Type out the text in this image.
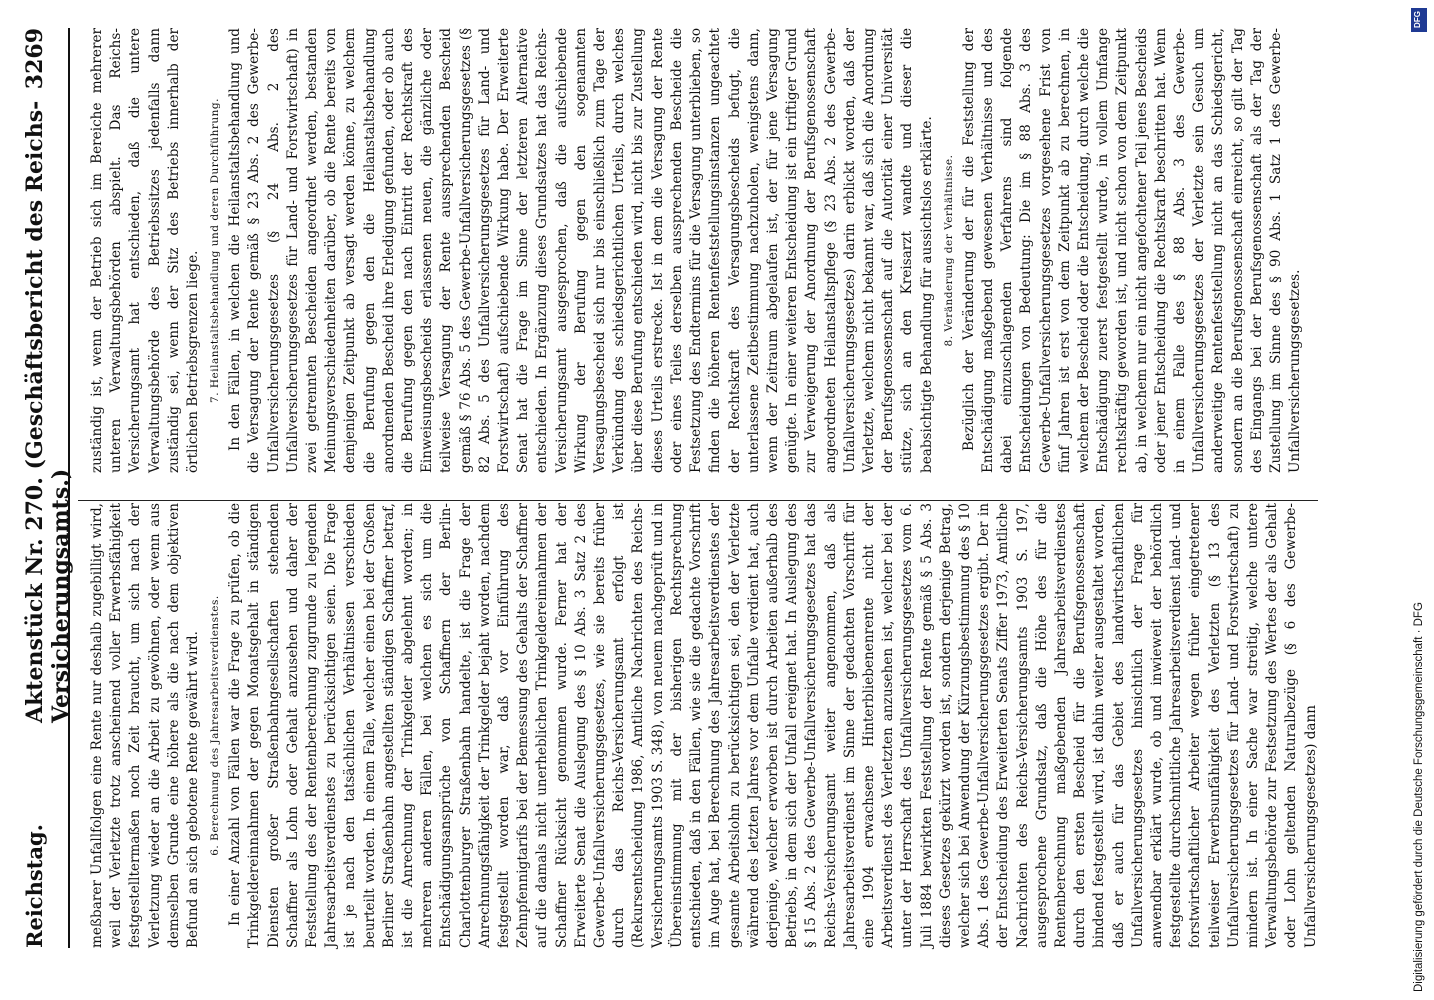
Reichstag.
Aktenstück Nr. 270. (Geschäftsbericht des Reichs-Versicherungsamts.)
3269

meßbarer Unfallfolgen eine Rente nur deshalb zugebilligt wird, weil der Verletzte trotz anscheinend voller Erwerbsfähigkeit festgestelltermaßen noch Zeit braucht, um sich nach der Verletzung wieder an die Arbeit zu gewöhnen, oder wenn aus demselben Grunde eine höhere als die nach dem objektiven Befund an sich gebotene Rente gewährt wird. 6. Berechnung des Jahresarbeitsverdienstes. In einer Anzahl von Fällen war die Frage zu prüfen, ob die Trinkgeldereinnahmen der gegen Monatsgehalt in ständigen Diensten großer Straßenbahngesellschaften stehenden Schaffner als Lohn oder Gehalt anzusehen und daher der Feststellung des der Rentenberechnung zugrunde zu legenden Jahresarbeitsverdienstes zu berücksichtigen seien. Die Frage ist je nach den tatsächlichen Verhältnissen verschieden beurteilt worden. In einem Falle, welcher einen bei der Großen Berliner Straßenbahn angestellten ständigen Schaffner betraf, ist die Anrechnung der Trinkgelder abgelehnt worden; in mehreren anderen Fällen, bei welchen es sich um die Entschädigungsansprüche von Schaffnern der Berlin-Charlottenburger Straßenbahn handelte, ist die Frage der Anrechnungsfähigkeit der Trinkgelder bejaht worden, nachdem festgestellt worden war, daß vor Einführung des Zehnpfennigtarifs bei der Bemessung des Gehalts der Schaffner auf die damals nicht unerheblichen Trinkgeldereinnahmen der Schaffner Rücksicht genommen wurde. Ferner hat der Erweiterte Senat die Auslegung des § 10 Abs. 3 Satz 2 des Gewerbe-Unfallversicherungsgesetzes, wie sie bereits früher durch das Reichs-Versicherungsamt erfolgt ist (Rekursentscheidung 1986, Amtliche Nachrichten des Reichs-Versicherungsamts 1903 S. 348), von neuem nachgeprüft und in Übereinstimmung mit der bisherigen Rechtsprechung entschieden, daß in den Fällen, wie sie die gedachte Vorschrift im Auge hat, bei Berechnung des Jahresarbeitsverdienstes der gesamte Arbeitslohn zu berücksichtigen sei, den der Verletzte während des letzten Jahres vor dem Unfalle verdient hat, auch derjenige, welcher erworben ist durch Arbeiten außerhalb des Betriebs, in dem sich der Unfall ereignet hat. In Auslegung des § 15 Abs. 2 des Gewerbe-Unfallversicherungsgesetzes hat das Reichs-Versicherungsamt weiter angenommen, daß als Jahresarbeitsverdienst im Sinne der gedachten Vorschrift für eine 1904 erwachsene Hinterbliebenenrente nicht der Arbeitsverdienst des Verletzten anzusehen ist, welcher bei der unter der Herrschaft des Unfallversicherungsgesetzes vom 6. Juli 1884 bewirkten Feststellung der Rente gemäß § 5 Abs. 3 dieses Gesetzes gekürzt worden ist, sondern derjenige Betrag, welcher sich bei Anwendung der Kürzungsbestimmung des § 10 Abs. 1 des Gewerbe-Unfallversicherungsgesetzes ergibt. Der in der Entscheidung des Erweiterten Senats Ziffer 1973, Amtliche Nachrichten des Reichs-Versicherungsamts 1903 S. 197, ausgesprochene Grundsatz, daß die Höhe des für die Rentenberechnung maßgebenden Jahresarbeitsverdienstes durch den ersten Bescheid für die Berufsgenossenschaft bindend festgestellt wird, ist dahin weiter ausgestaltet worden, daß er auch für das Gebiet des landwirtschaftlichen Unfallversicherungsgesetzes hinsichtlich der Frage für anwendbar erklärt wurde, ob und inwieweit der behördlich festgestellte durchschnittliche Jahresarbeitsverdienst land- und forstwirtschaftlicher Arbeiter wegen früher eingetretener teilweiser Erwerbsunfähigkeit des Verletzten (§ 13 des Unfallversicherungsgesetzes für Land- und Forstwirtschaft) zu mindern ist. In einer Sache war streitig, welche untere Verwaltungsbehörde zur Festsetzung des Wertes der als Gehalt oder Lohn geltenden Naturalbezüge (§ 6 des Gewerbe-Unfallversicherungsgesetzes) dann

zuständig ist, wenn der Betrieb sich im Bereiche mehrerer unteren Verwaltungsbehörden abspielt. Das Reichs-Versicherungsamt hat entschieden, daß die untere Verwaltungsbehörde des Betriebssitzes jedenfalls dann zuständig sei, wenn der Sitz des Betriebs innerhalb der örtlichen Betriebsgrenzen liege. 7. Heilanstaltsbehandlung und deren Durchführung. In den Fällen, in welchen die Heilanstaltsbehandlung und die Versagung der Rente gemäß § 23 Abs. 2 des Gewerbe-Unfallversicherungsgesetzes (§ 24 Abs. 2 des Unfallversicherungsgesetzes für Land- und Forstwirtschaft) in zwei getrennten Bescheiden angeordnet werden, bestanden Meinungsverschiedenheiten darüber, ob die Rente bereits von demjenigen Zeitpunkt ab versagt werden könne, zu welchem die Berufung gegen den die Heilanstaltsbehandlung anordnenden Bescheid ihre Erledigung gefunden, oder ob auch die Berufung gegen den nach Eintritt der Rechtskraft des Einweisungsbescheids erlassenen neuen, die gänzliche oder teilweise Versagung der Rente aussprechenden Bescheid gemäß § 76 Abs. 5 des Gewerbe-Unfallversicherungsgesetzes (§ 82 Abs. 5 des Unfallversicherungsgesetzes für Land- und Forstwirtschaft) aufschiebende Wirkung habe. Der Erweiterte Senat hat die Frage im Sinne der letzteren Alternative entschieden. In Ergänzung dieses Grundsatzes hat das Reichs-Versicherungsamt ausgesprochen, daß die aufschiebende Wirkung der Berufung gegen den sogenannten Versagungsbescheid sich nur bis einschließlich zum Tage der Verkündung des schiedsgerichtlichen Urteils, durch welches über diese Berufung entschieden wird, nicht bis zur Zustellung dieses Urteils erstrecke. Ist in dem die Versagung der Rente oder eines Teiles derselben aussprechenden Bescheide die Festsetzung des Endtermins für die Versagung unterblieben, so finden die höheren Rentenfeststellungsinstanzen ungeachtet der Rechtskraft des Versagungsbescheids befugt, die unterlassene Zeitbestimmung nachzuholen, wenigstens dann, wenn der Zeitraum abgelaufen ist, der für jene Versagung genügte. In einer weiteren Entscheidung ist ein triftiger Grund zur Verweigerung der Anordnung der Berufsgenossenschaft angeordneten Heilanstaltspflege (§ 23 Abs. 2 des Gewerbe-Unfallversicherungsgesetzes) darin erblickt worden, daß der Verletzte, welchem nicht bekannt war, daß sich die Anordnung der Berufsgenossenschaft auf die Autorität einer Universität stütze, sich an den Kreisarzt wandte und dieser die beabsichtigte Behandlung für aussichtslos erklärte. 8. Veränderung der Verhältnisse. Bezüglich der Veränderung der für die Feststellung der Entschädigung maßgebend gewesenen Verhältnisse und des dabei einzuschlagenden Verfahrens sind folgende Entscheidungen von Bedeutung: Die im § 88 Abs. 3 des Gewerbe-Unfallversicherungsgesetzes vorgesehene Frist von fünf Jahren ist erst von dem Zeitpunkt ab zu berechnen, in welchem der Bescheid oder die Entscheidung, durch welche die Entschädigung zuerst festgestellt wurde, in vollem Umfange rechtskräftig geworden ist, und nicht schon von dem Zeitpunkt ab, in welchem nur ein nicht angefochtener Teil jenes Bescheids oder jener Entscheidung die Rechtskraft beschritten hat. Wenn in einem Falle des § 88 Abs. 3 des Gewerbe-Unfallversicherungsgesetzes der Verletzte sein Gesuch um anderweitige Rentenfeststellung nicht an das Schiedsgericht, sondern an die Berufsgenossenschaft einreicht, so gilt der Tag des Eingangs bei der Berufsgenossenschaft als der Tag der Zustellung im Sinne des § 90 Abs. 1 Satz 1 des Gewerbe-Unfallversicherungsgesetzes.

Digitalisierung gefördert durch die Deutsche Forschungsgemeinschaft · DFG
DFG
